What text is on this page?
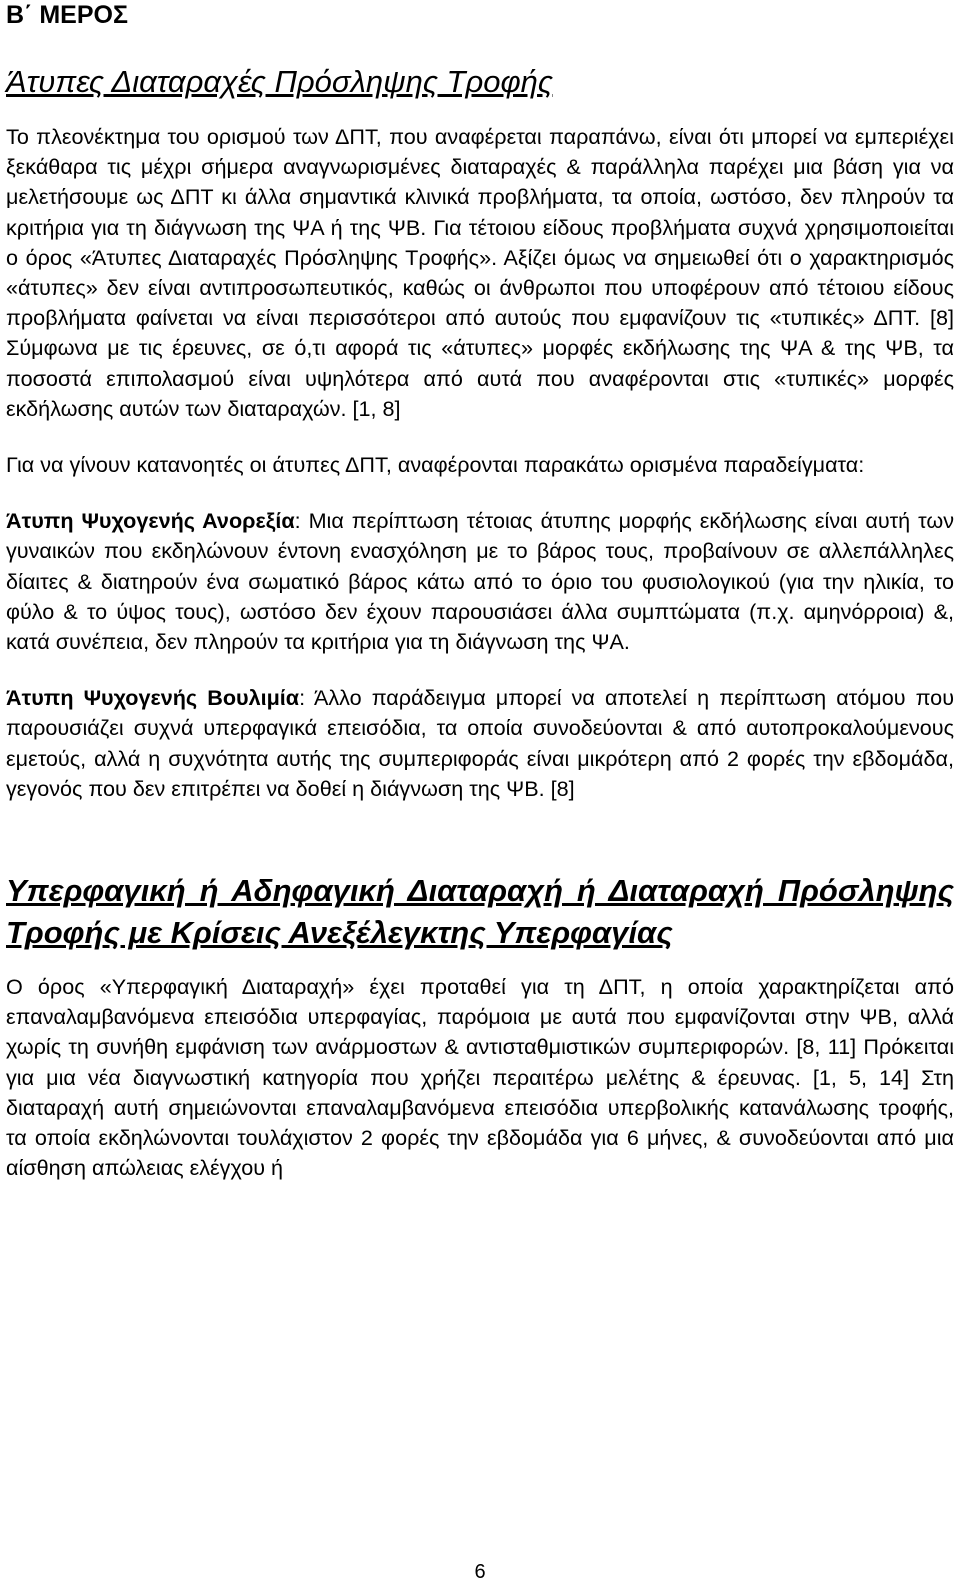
Β΄ ΜΕΡΟΣ
Άτυπες Διαταραχές Πρόσληψης Τροφής

Το πλεονέκτημα του ορισμού των ΔΠΤ, που αναφέρεται παραπάνω, είναι ότι μπορεί να εμπεριέχει ξεκάθαρα τις μέχρι σήμερα αναγνωρισμένες διαταραχές & παράλληλα παρέχει μια βάση για να μελετήσουμε ως ΔΠΤ κι άλλα σημαντικά κλινικά προβλήματα, τα οποία, ωστόσο, δεν πληρούν τα κριτήρια για τη διάγνωση της ΨΑ ή της ΨΒ. Για τέτοιου είδους προβλήματα συχνά χρησιμοποιείται ο όρος «Άτυπες Διαταραχές Πρόσληψης Τροφής». Αξίζει όμως να σημειωθεί ότι ο χαρακτηρισμός «άτυπες» δεν είναι αντιπροσωπευτικός, καθώς οι άνθρωποι που υποφέρουν από τέτοιου είδους προβλήματα φαίνεται να είναι περισσότεροι από αυτούς που εμφανίζουν τις «τυπικές» ΔΠΤ. [8] Σύμφωνα με τις έρευνες, σε ό,τι αφορά τις «άτυπες» μορφές εκδήλωσης της ΨΑ & της ΨΒ, τα ποσοστά επιπολασμού είναι υψηλότερα από αυτά που αναφέρονται στις «τυπικές» μορφές εκδήλωσης αυτών των διαταραχών. [1, 8]

Για να γίνουν κατανοητές οι άτυπες ΔΠΤ, αναφέρονται παρακάτω ορισμένα παραδείγματα:

Άτυπη Ψυχογενής Ανορεξία: Μια περίπτωση τέτοιας άτυπης μορφής εκδήλωσης είναι αυτή των γυναικών που εκδηλώνουν έντονη ενασχόληση με το βάρος τους, προβαίνουν σε αλλεπάλληλες δίαιτες & διατηρούν ένα σωματικό βάρος κάτω από το όριο του φυσιολογικού (για την ηλικία, το φύλο & το ύψος τους), ωστόσο δεν έχουν παρουσιάσει άλλα συμπτώματα (π.χ. αμηνόρροια) &, κατά συνέπεια, δεν πληρούν τα κριτήρια για τη διάγνωση της ΨΑ.

Άτυπη Ψυχογενής Βουλιμία: Άλλο παράδειγμα μπορεί να αποτελεί η περίπτωση ατόμου που παρουσιάζει συχνά υπερφαγικά επεισόδια, τα οποία συνοδεύονται & από αυτοπροκαλούμενους εμετούς, αλλά η συχνότητα αυτής της συμπεριφοράς είναι μικρότερη από 2 φορές την εβδομάδα, γεγονός που δεν επιτρέπει να δοθεί η διάγνωση της ΨΒ. [8]

Υπερφαγική ή Αδηφαγική Διαταραχή ή Διαταραχή Πρόσληψης Τροφής με Κρίσεις Ανεξέλεγκτης Υπερφαγίας

Ο όρος «Υπερφαγική Διαταραχή» έχει προταθεί για τη ΔΠΤ, η οποία χαρακτηρίζεται από επαναλαμβανόμενα επεισόδια υπερφαγίας, παρόμοια με αυτά που εμφανίζονται στην ΨΒ, αλλά χωρίς τη συνήθη εμφάνιση των ανάρμοστων & αντισταθμιστικών συμπεριφορών. [8, 11] Πρόκειται για μια νέα διαγνωστική κατηγορία που χρήζει περαιτέρω μελέτης & έρευνας. [1, 5, 14] Στη διαταραχή αυτή σημειώνονται επαναλαμβανόμενα επεισόδια υπερβολικής κατανάλωσης τροφής, τα οποία εκδηλώνονται τουλάχιστον 2 φορές την εβδομάδα για 6 μήνες, & συνοδεύονται από μια αίσθηση απώλειας ελέγχου ή

6
